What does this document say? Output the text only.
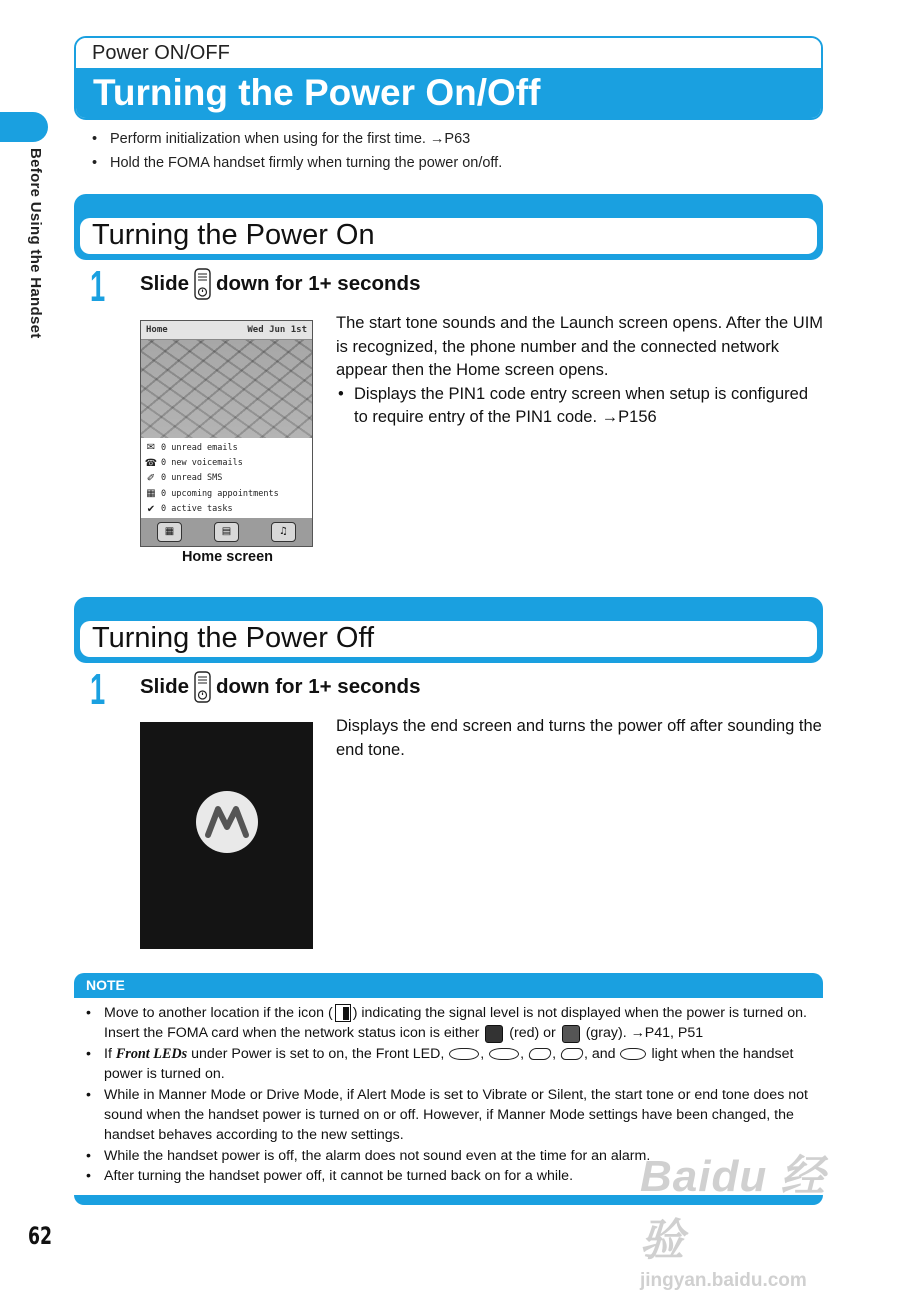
Before Using the Handset
Power ON/OFF
Turning the Power On/Off
• Perform initialization when using for the first time. →P63
• Hold the FOMA handset firmly when turning the power on/off.
Turning the Power On
1 Slide down for 1+ seconds
Home	Wed Jun 1st
✉ 0 unread emails
☎ 0 new voicemails
✐ 0 unread SMS
▦ 0 upcoming appointments
✔ 0 active tasks
▦	▤	♫
Home screen

The start tone sounds and the Launch screen opens. After the UIM is recognized, the phone number and the connected network appear then the Home screen opens.

• Displays the PIN1 code entry screen when setup is configured to require entry of the PIN1 code. →P156
Turning the Power Off
1 Slide down for 1+ seconds
Displays the end screen and turns the power off after sounding the end tone.
NOTE
• Move to another location if the icon ( ) indicating the signal level is not displayed when the power is turned on. Insert the FOMA card when the network status icon is either (red) or (gray). →P41, P51
• If Front LEDs under Power is set to on, the Front LED,	,	, , , and	light when the handset power is turned on.
• While in Manner Mode or Drive Mode, if Alert Mode is set to Vibrate or Silent, the start tone or end tone does not sound when the handset power is turned on or off. However, if Manner Mode settings have been changed, the handset behaves according to the new settings.
• While the handset power is off, the alarm does not sound even at the time for an alarm.
• After turning the handset power off, it cannot be turned back on for a while.
62
Baidu 经验
jingyan.baidu.com
